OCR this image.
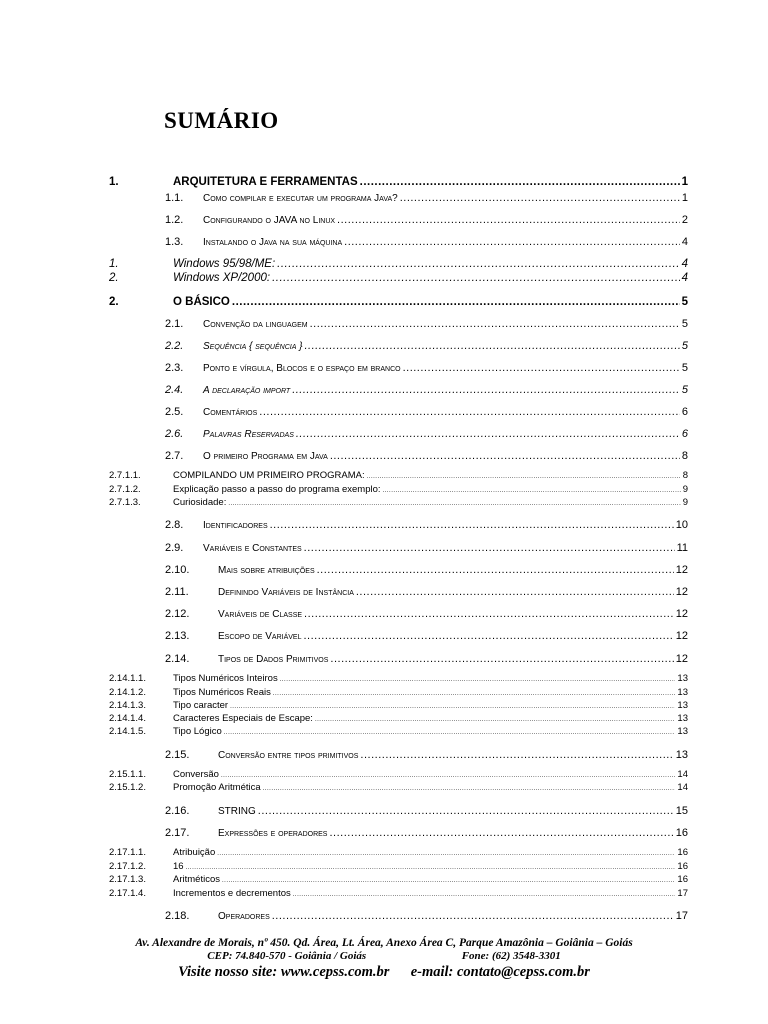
SUMÁRIO
1.	ARQUITETURA E FERRAMENTAS .....	1
1.1. Como compilar e executar um programa Java? .....	1
1.2. Configurando o JAVA no Linux .....	2
1.3. Instalando o Java na sua máquina .....	4
1.	Windows 95/98/ME: .....	4
2.	Windows XP/2000: .....	4
2.	O BÁSICO .....	5
2.1. Convenção da linguagem .....	5
2.2. Sequência { sequência } .....	5
2.3. Ponto e vírgula, Blocos e o espaço em branco .....	5
2.4. A declaração import .....	5
2.5. Comentários .....	6
2.6. Palavras Reservadas .....	6
2.7. O primeiro Programa em Java .....	8
2.7.1.1.	COMPILANDO UM PRIMEIRO PROGRAMA: .....	8
2.7.1.2.	Explicação passo a passo do programa exemplo: .....	9
2.7.1.3.	Curiosidade: .....	9
2.8. Identificadores .....	10
2.9. Variáveis e Constantes .....	11
2.10.	Mais sobre atribuições .....	12
2.11.	Definindo Variáveis de Instância .....	12
2.12.	Variáveis de Classe .....	12
2.13.	Escopo de Variável .....	12
2.14.	Tipos de Dados Primitivos .....	12
2.14.1.1.	Tipos Numéricos Inteiros .....	13
2.14.1.2.	Tipos Numéricos Reais .....	13
2.14.1.3.	Tipo caracter .....	13
2.14.1.4.	Caracteres Especiais de Escape: .....	13
2.14.1.5.	Tipo Lógico .....	13
2.15.	Conversão entre tipos primitivos .....	13
2.15.1.1.	Conversão .....	14
2.15.1.2.	Promoção Aritmética .....	14
2.16.	STRING .....	15
2.17.	Expressões e operadores .....	16
2.17.1.1.	Atribuição .....	16
2.17.1.2.	16 .....	16
2.17.1.3.	Aritméticos .....	16
2.17.1.4.	Incrementos e decrementos .....	17
2.18.	Operadores .....	17
Av. Alexandre de Morais, nº 450. Qd. Área, Lt. Área, Anexo Área C, Parque Amazônia – Goiânia – Goiás
CEP: 74.840-570 - Goiânia / Goiás	Fone: (62) 3548-3301
Visite nosso site: www.cepss.com.br e-mail: contato@cepss.com.br
